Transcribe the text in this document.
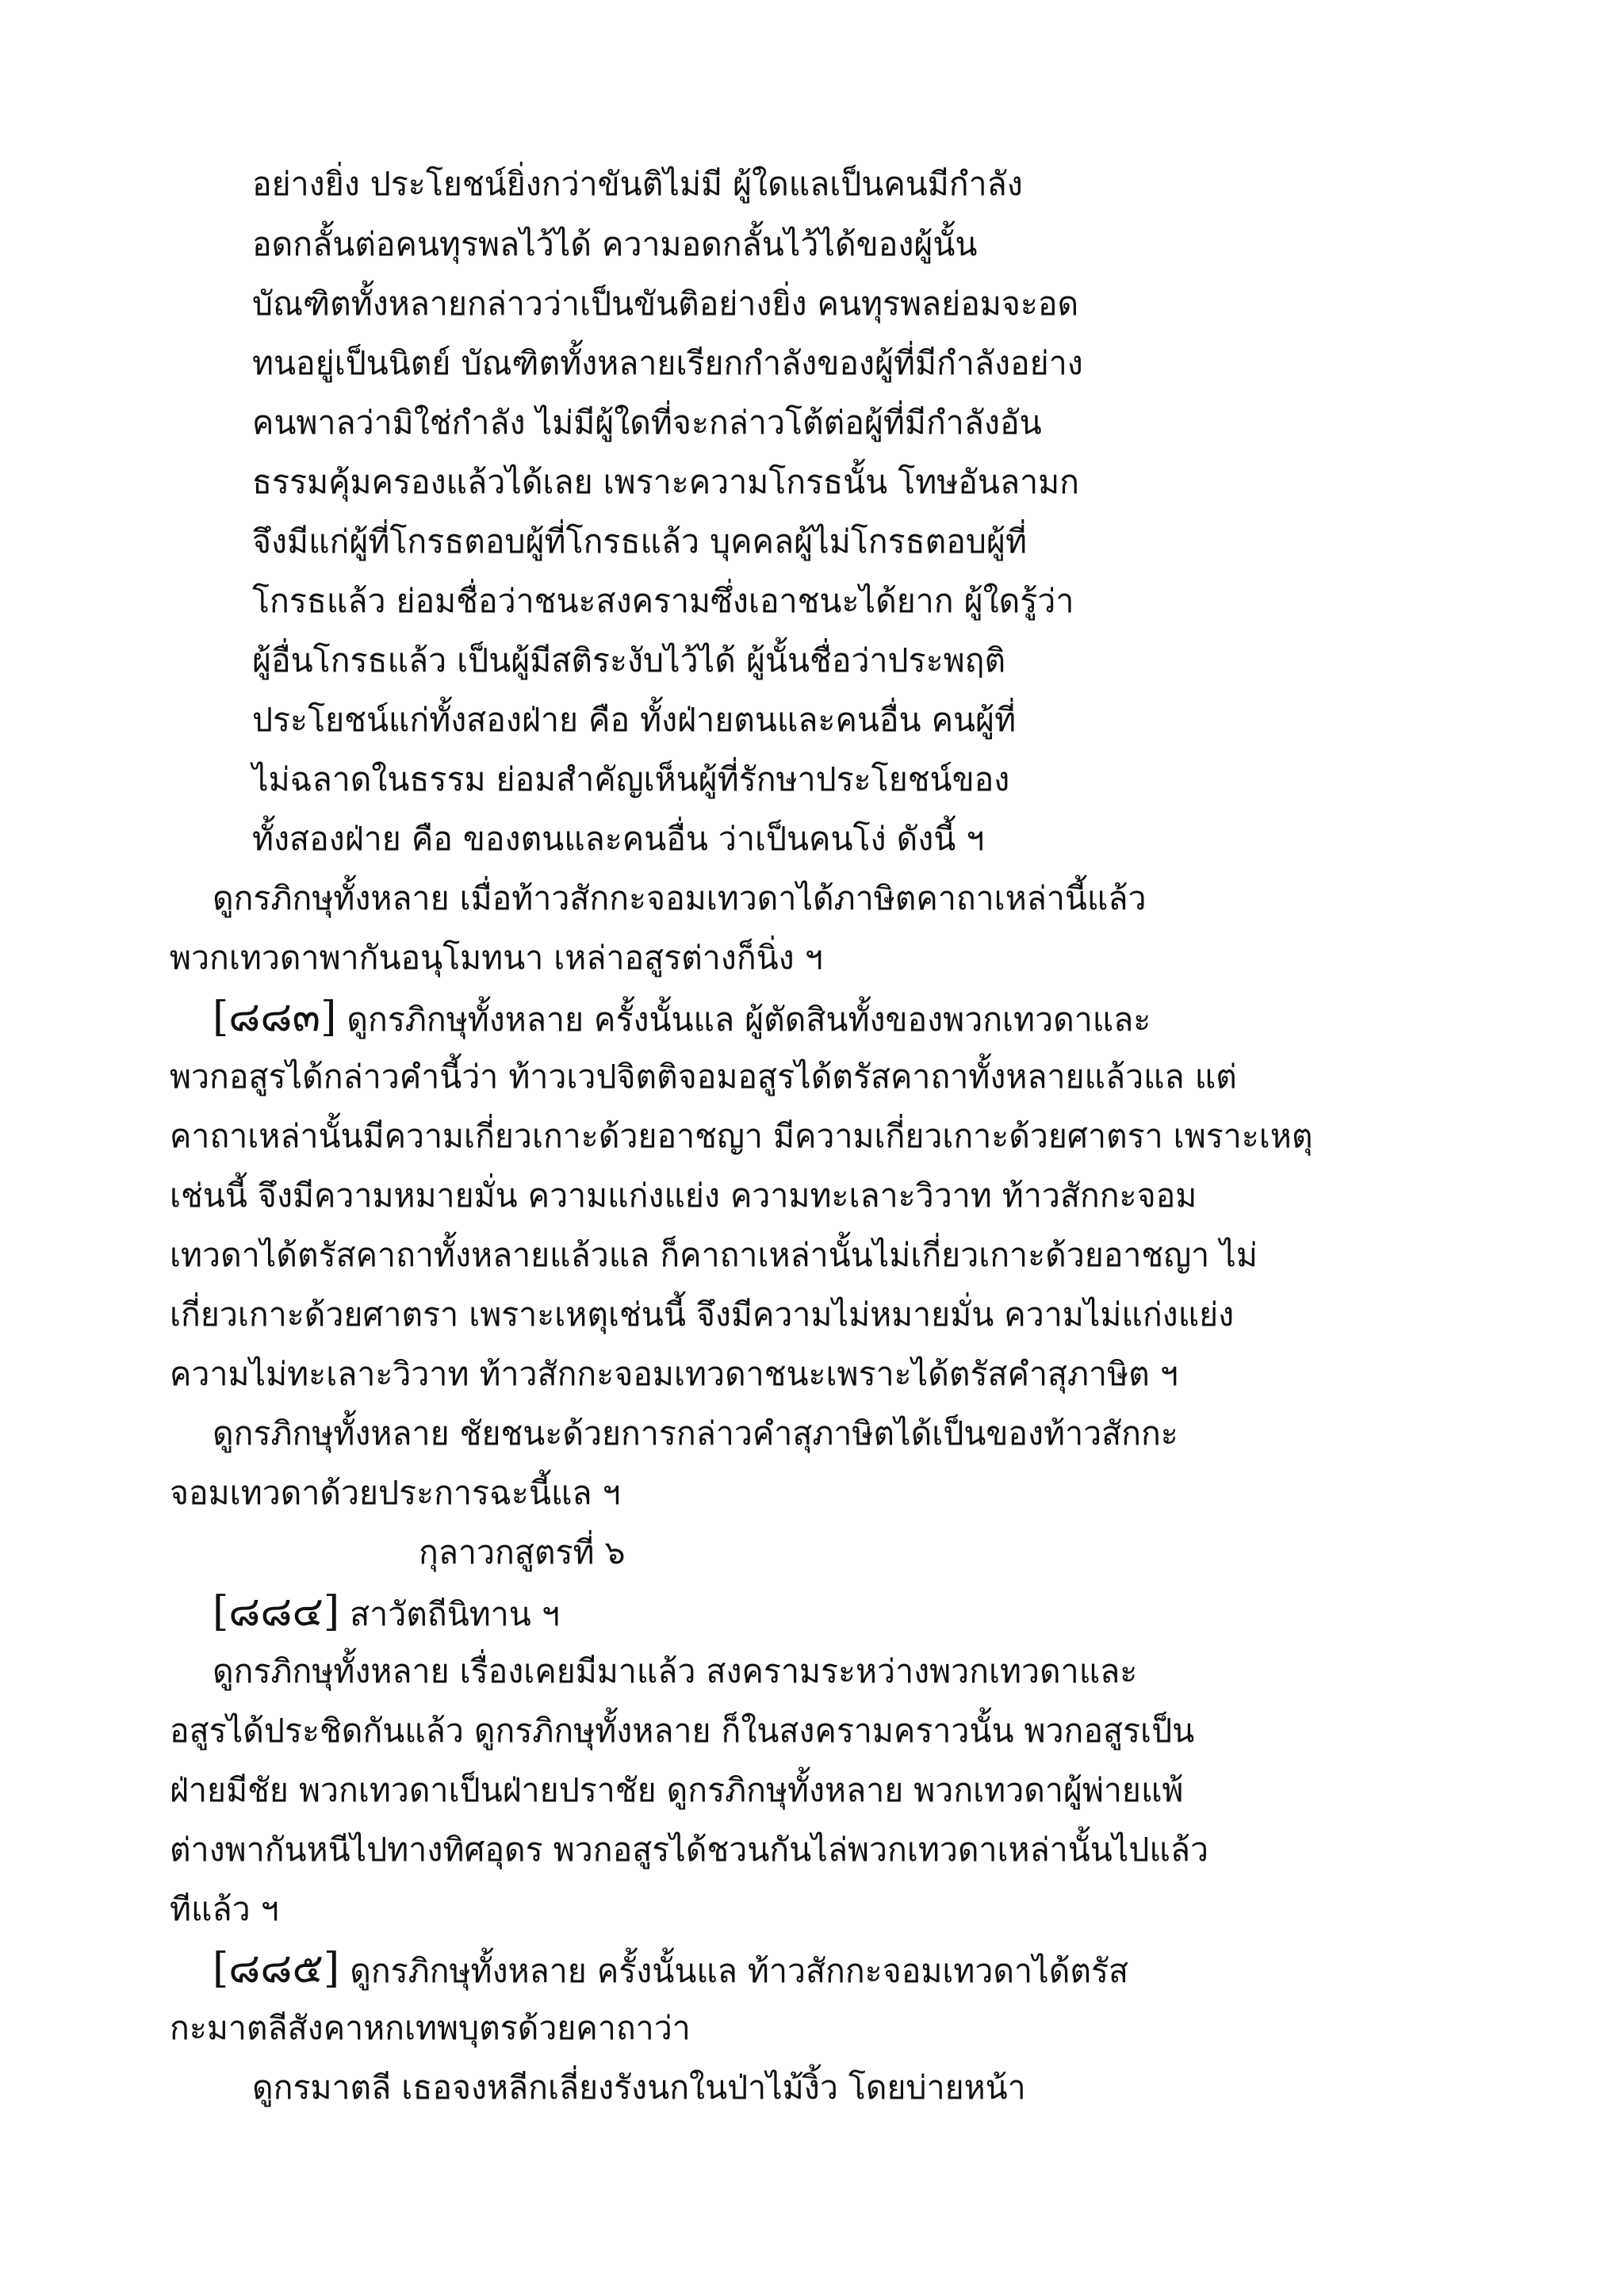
อย่างยิ่ง ประโยชน์ยิ่งกว่าขันติไม่มี ผู้ใดแลเป็นคนมีกำลัง
อดกลั้นต่อคนทุรพลไว้ได้ ความอดกลั้นไว้ได้ของผู้นั้น
บัณฑิตทั้งหลายกล่าวว่าเป็นขันติอย่างยิ่ง คนทุรพลย่อมจะอด
ทนอยู่เป็นนิตย์ บัณฑิตทั้งหลายเรียกกำลังของผู้ที่มีกำลังอย่าง
คนพาลว่ามิใช่กำลัง ไม่มีผู้ใดที่จะกล่าวโต้ต่อผู้ที่มีกำลังอัน
ธรรมคุ้มครองแล้วได้เลย เพราะความโกรธนั้น โทษอันลามก
จึงมีแก่ผู้ที่โกรธตอบผู้ที่โกรธแล้ว บุคคลผู้ไม่โกรธตอบผู้ที่
โกรธแล้ว ย่อมชื่อว่าชนะสงครามซึ่งเอาชนะได้ยาก ผู้ใดรู้ว่า
ผู้อื่นโกรธแล้ว เป็นผู้มีสติระงับไว้ได้ ผู้นั้นชื่อว่าประพฤติ
ประโยชน์แก่ทั้งสองฝ่าย คือ ทั้งฝ่ายตนและคนอื่น คนผู้ที่
ไม่ฉลาดในธรรม ย่อมสำคัญเห็นผู้ที่รักษาประโยชน์ของ
ทั้งสองฝ่าย คือ ของตนและคนอื่น ว่าเป็นคนโง่ ดังนี้ ฯ
ดูกรภิกษุทั้งหลาย เมื่อท้าวสักกะจอมเทวดาได้ภาษิตคาถาเหล่านี้แล้ว
พวกเทวดาพากันอนุโมทนา เหล่าอสูรต่างก็นิ่ง ฯ
[๘๘๓] ดูกรภิกษุทั้งหลาย ครั้งนั้นแล ผู้ตัดสินทั้งของพวกเทวดาและ
พวกอสูรได้กล่าวคำนี้ว่า ท้าวเวปจิตติจอมอสูรได้ตรัสคาถาทั้งหลายแล้วแล แต่
คาถาเหล่านั้นมีความเกี่ยวเกาะด้วยอาชญา มีความเกี่ยวเกาะด้วยศาตรา เพราะเหตุ
เช่นนี้ จึงมีความหมายมั่น ความแก่งแย่ง ความทะเลาะวิวาท ท้าวสักกะจอม
เทวดาได้ตรัสคาถาทั้งหลายแล้วแล ก็คาถาเหล่านั้นไม่เกี่ยวเกาะด้วยอาชญา ไม่
เกี่ยวเกาะด้วยศาตรา เพราะเหตุเช่นนี้ จึงมีความไม่หมายมั่น ความไม่แก่งแย่ง
ความไม่ทะเลาะวิวาท ท้าวสักกะจอมเทวดาชนะเพราะได้ตรัสคำสุภาษิต ฯ
ดูกรภิกษุทั้งหลาย ชัยชนะด้วยการกล่าวคำสุภาษิตได้เป็นของท้าวสักกะ
จอมเทวดาด้วยประการฉะนี้แล ฯ
กุลาวกสูตรที่ ๖
[๘๘๔] สาวัตถีนิทาน ฯ
ดูกรภิกษุทั้งหลาย เรื่องเคยมีมาแล้ว สงครามระหว่างพวกเทวดาและ
อสูรได้ประชิดกันแล้ว ดูกรภิกษุทั้งหลาย ก็ในสงครามคราวนั้น พวกอสูรเป็น
ฝ่ายมีชัย พวกเทวดาเป็นฝ่ายปราชัย ดูกรภิกษุทั้งหลาย พวกเทวดาผู้พ่ายแพ้
ต่างพากันหนีไปทางทิศอุดร พวกอสูรได้ชวนกันไล่พวกเทวดาเหล่านั้นไปแล้ว
ทีแล้ว ฯ
[๘๘๕] ดูกรภิกษุทั้งหลาย ครั้งนั้นแล ท้าวสักกะจอมเทวดาได้ตรัส
กะมาตลีสังคาหกเทพบุตรด้วยคาถาว่า
ดูกรมาตลี เธอจงหลีกเลี่ยงรังนกในป่าไม้งิ้ว โดยบ่ายหน้า
